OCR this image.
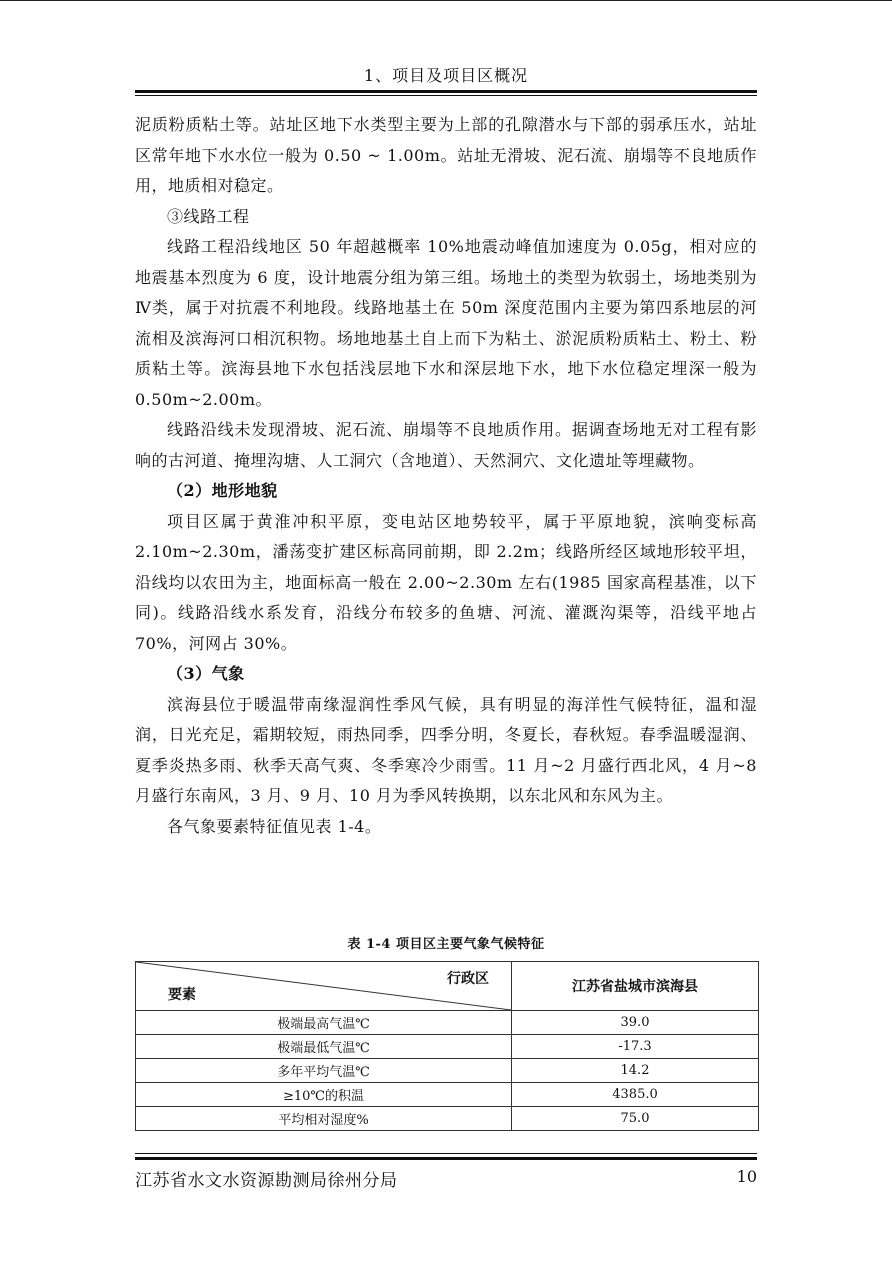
1、项目及项目区概况

泥质粉质粘土等。站址区地下水类型主要为上部的孔隙潜水与下部的弱承压水，站址区常年地下水水位一般为 0.50 ~ 1.00m。站址无滑坡、泥石流、崩塌等不良地质作用，地质相对稳定。

③线路工程

线路工程沿线地区 50 年超越概率 10%地震动峰值加速度为 0.05g，相对应的地震基本烈度为 6 度，设计地震分组为第三组。场地土的类型为软弱土，场地类别为Ⅳ类，属于对抗震不利地段。线路地基土在 50m 深度范围内主要为第四系地层的河流相及滨海河口相沉积物。场地地基土自上而下为粘土、淤泥质粉质粘土、粉土、粉质粘土等。滨海县地下水包括浅层地下水和深层地下水，地下水位稳定埋深一般为 0.50m~2.00m。

线路沿线未发现滑坡、泥石流、崩塌等不良地质作用。据调查场地无对工程有影响的古河道、掩埋沟塘、人工洞穴（含地道）、天然洞穴、文化遗址等埋藏物。

（2）地形地貌

项目区属于黄淮冲积平原，变电站区地势较平，属于平原地貌，滨响变标高 2.10m~2.30m，潘荡变扩建区标高同前期，即 2.2m；线路所经区域地形较平坦，沿线均以农田为主，地面标高一般在 2.00~2.30m 左右(1985 国家高程基准，以下同)。线路沿线水系发育，沿线分布较多的鱼塘、河流、灌溉沟渠等，沿线平地占 70%，河网占 30%。

（3）气象

滨海县位于暖温带南缘湿润性季风气候，具有明显的海洋性气候特征，温和湿润，日光充足，霜期较短，雨热同季，四季分明，冬夏长，春秋短。春季温暖湿润、夏季炎热多雨、秋季天高气爽、冬季寒冷少雨雪。11 月~2 月盛行西北风，4 月~8 月盛行东南风，3 月、9 月、10 月为季风转换期，以东北风和东风为主。

各气象要素特征值见表 1-4。

表 1-4 项目区主要气象气候特征
行政区
要素	江苏省盐城市滨海县
极端最高气温℃	39.0
极端最低气温℃	-17.3
多年平均气温℃	14.2
≥10℃的积温	4385.0
平均相对湿度%	75.0
江苏省水文水资源勘测局徐州分局	10
